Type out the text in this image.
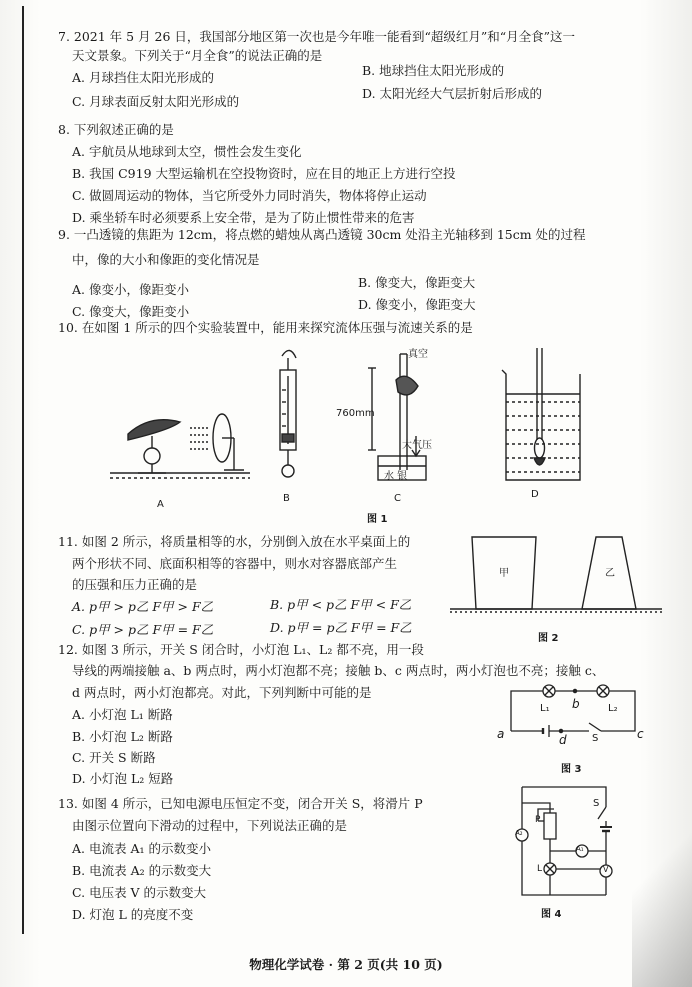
7. 2021 年 5 月 26 日，我国部分地区第一次也是今年唯一能看到“超级红月”和“月全食”这一
天文景象。下列关于“月全食”的说法正确的是
A. 月球挡住太阳光形成的	B. 地球挡住太阳光形成的
C. 月球表面反射太阳光形成的
D. 太阳光经大气层折射后形成的
8. 下列叙述正确的是
A. 宇航员从地球到太空，惯性会发生变化
B. 我国 C919 大型运输机在空投物资时，应在目的地正上方进行空投
C. 做圆周运动的物体，当它所受外力同时消失，物体将停止运动
D. 乘坐轿车时必须要系上安全带，是为了防止惯性带来的危害
9. 一凸透镜的焦距为 12cm，将点燃的蜡烛从离凸透镜 30cm 处沿主光轴移到 15cm 处的过程
中，像的大小和像距的变化情况是
A. 像变小，像距变小	B. 像变大，像距变大
C. 像变大，像距变小	D. 像变小，像距变大
10. 在如图 1 所示的四个实验装置中，能用来探究流体压强与流速关系的是
A
B	C	D
真空
760mm
大气压
水 银
图 1
11. 如图 2 所示，将质量相等的水，分别倒入放在水平桌面上的
两个形状不同、底面积相等的容器中，则水对容器底部产生
的压强和压力正确的是
A. p甲 > p乙 F甲 > F乙	B. p甲 < p乙 F甲 < F乙
C. p甲 > p乙 F甲 = F乙	D. p甲 = p乙 F甲 = F乙
甲	乙
图 2
12. 如图 3 所示，开关 S 闭合时，小灯泡 L₁、L₂ 都不亮，用一段
导线的两端接触 a、b 两点时，两小灯泡都不亮；接触 b、c 两点时，两小灯泡也不亮；接触 c、
d 两点时，两小灯泡都亮。对此，下列判断中可能的是
A. 小灯泡 L₁ 断路
B. 小灯泡 L₂ 断路
C. 开关 S 断路
D. 小灯泡 L₂ 短路
L₁ b	L₂
a	c
d	S
图 3
13. 如图 4 所示，已知电源电压恒定不变，闭合开关 S，将滑片 P
由图示位置向下滑动的过程中，下列说法正确的是
A. 电流表 A₁ 的示数变小
B. 电流表 A₂ 的示数变大
C. 电压表 V 的示数变大
D. 灯泡 L 的亮度不变
S
P
L
A₂
A₁
V
图 4
物理化学试卷 · 第 2 页(共 10 页)
